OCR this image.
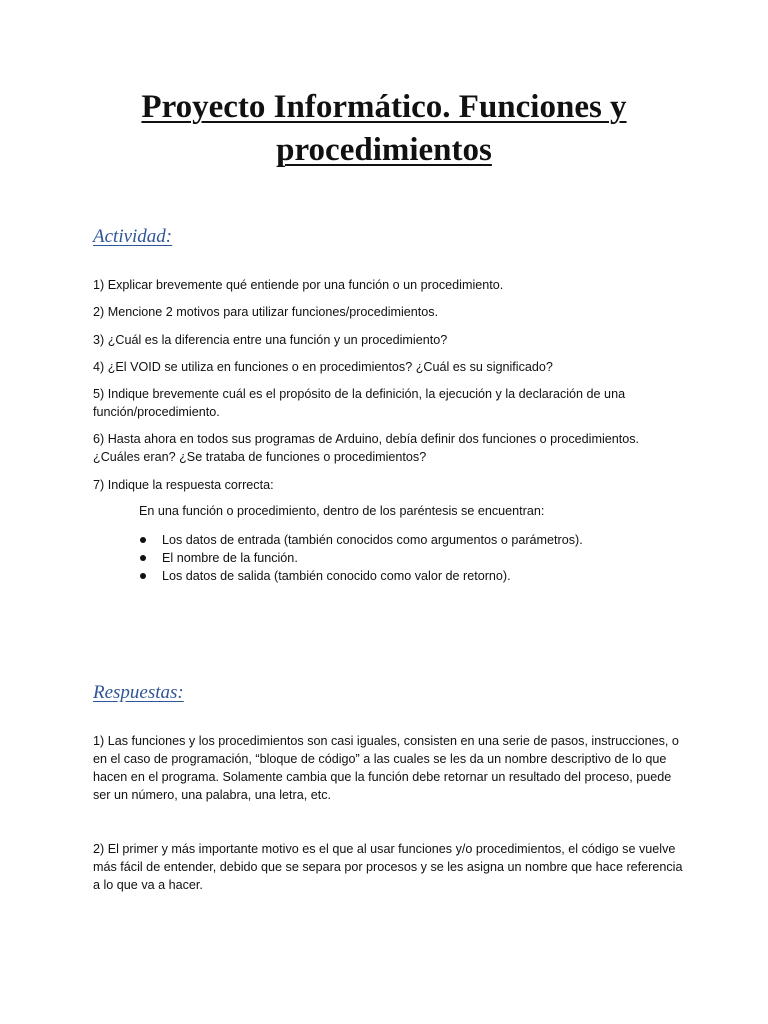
Proyecto Informático. Funciones y
procedimientos
Actividad:
1) Explicar brevemente qué entiende por una función o un procedimiento.
2) Mencione 2 motivos para utilizar funciones/procedimientos.
3) ¿Cuál es la diferencia entre una función y un procedimiento?
4) ¿El VOID se utiliza en funciones o en procedimientos? ¿Cuál es su significado?
5) Indique brevemente cuál es el propósito de la definición, la ejecución y la declaración de una función/procedimiento.
6) Hasta ahora en todos sus programas de Arduino, debía definir dos funciones o procedimientos. ¿Cuáles eran? ¿Se trataba de funciones o procedimientos?
7) Indique la respuesta correcta:
En una función o procedimiento, dentro de los paréntesis se encuentran:
Los datos de entrada (también conocidos como argumentos o parámetros).
El nombre de la función.
Los datos de salida (también conocido como valor de retorno).
Respuestas:
1) Las funciones y los procedimientos son casi iguales, consisten en una serie de pasos, instrucciones, o en el caso de programación, “bloque de código” a las cuales se les da un nombre descriptivo de lo que hacen en el programa. Solamente cambia que la función debe retornar un resultado del proceso, puede ser un número, una palabra, una letra, etc.
2) El primer y más importante motivo es el que al usar funciones y/o procedimientos, el código se vuelve más fácil de entender, debido que se separa por procesos y se les asigna un nombre que hace referencia a lo que va a hacer.
